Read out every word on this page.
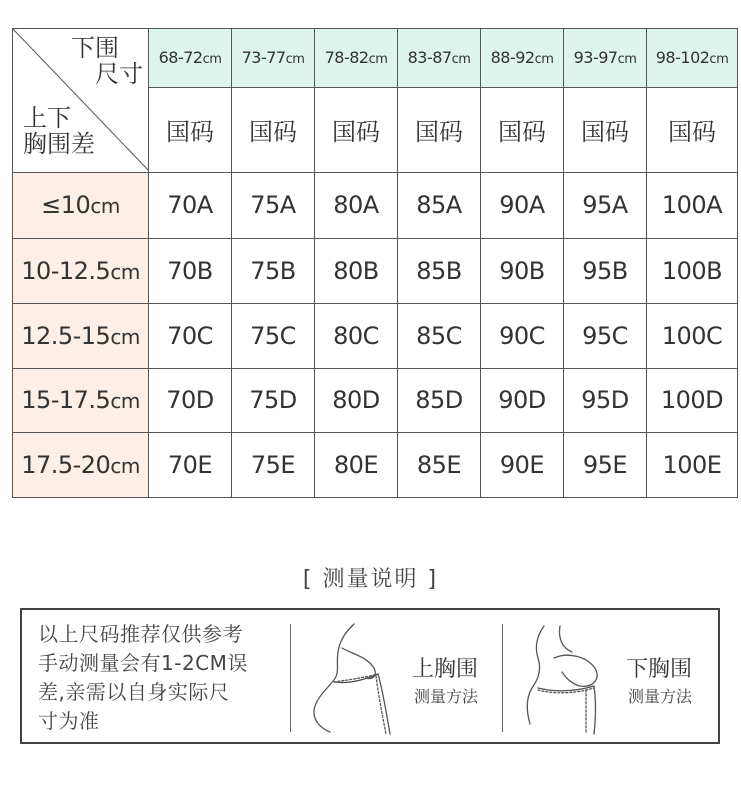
下围
尺寸
上下
胸围差	68-72cm	73-77cm	78-82cm	83-87cm	88-92cm	93-97cm	98-102cm
	国码	国码	国码	国码	国码	国码	国码
≤10cm	70A	75A	80A	85A	90A	95A	100A
10-12.5cm	70B	75B	80B	85B	90B	95B	100B
12.5-15cm	70C	75C	80C	85C	90C	95C	100C
15-17.5cm	70D	75D	80D	85D	90D	95D	100D
17.5-20cm	70E	75E	80E	85E	90E	95E	100E
[ 测量说明 ]
以上尺码推荐仅供参考
手动测量会有1-2CM误
差,亲需以自身实际尺
寸为准
上胸围
测量方法
下胸围
测量方法
